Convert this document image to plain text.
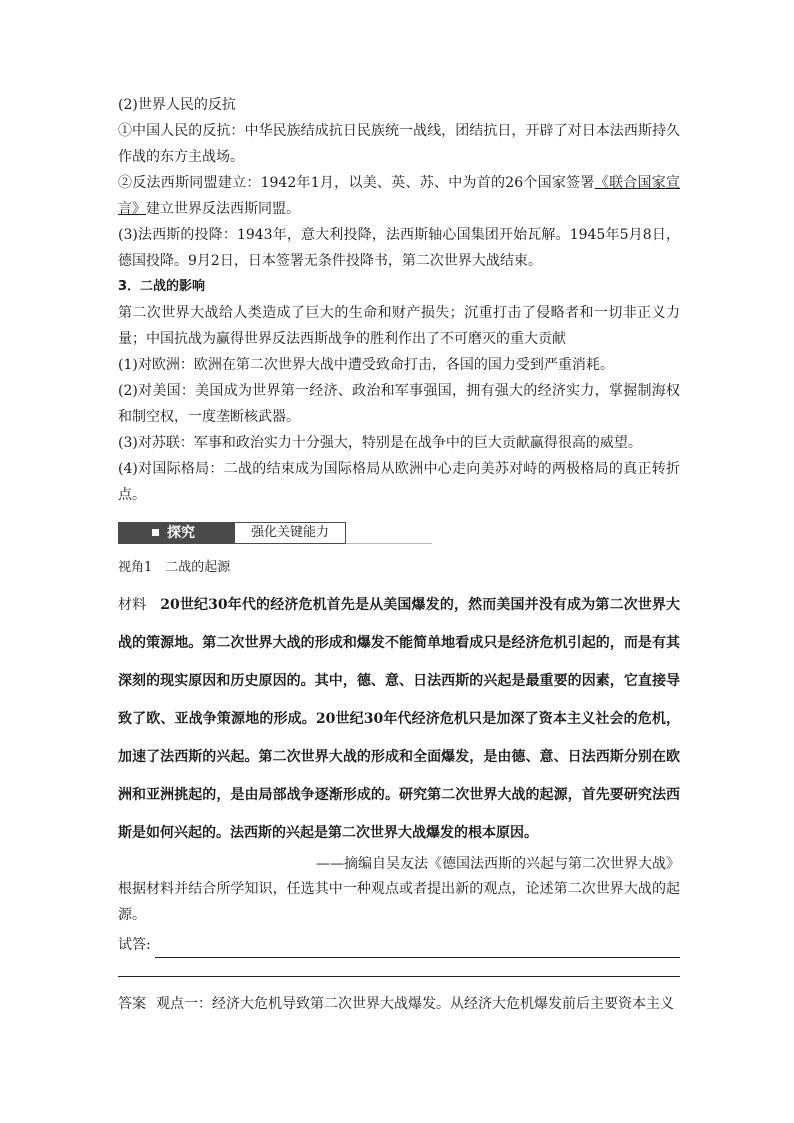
(2)世界人民的反抗

①中国人民的反抗：中华民族结成抗日民族统一战线，团结抗日，开辟了对日本法西斯持久作战的东方主战场。

②反法西斯同盟建立：1942年1月，以美、英、苏、中为首的26个国家签署《联合国家宣言》建立世界反法西斯同盟。

(3)法西斯的投降：1943年，意大利投降，法西斯轴心国集团开始瓦解。1945年5月8日，德国投降。9月2日，日本签署无条件投降书，第二次世界大战结束。

3．二战的影响

第二次世界大战给人类造成了巨大的生命和财产损失；沉重打击了侵略者和一切非正义力量；中国抗战为赢得世界反法西斯战争的胜利作出了不可磨灭的重大贡献

(1)对欧洲：欧洲在第二次世界大战中遭受致命打击，各国的国力受到严重消耗。

(2)对美国：美国成为世界第一经济、政治和军事强国，拥有强大的经济实力，掌握制海权和制空权，一度垄断核武器。

(3)对苏联：军事和政治实力十分强大，特别是在战争中的巨大贡献赢得很高的威望。

(4)对国际格局：二战的结束成为国际格局从欧洲中心走向美苏对峙的两极格局的真正转折点。

探究	强化关键能力

视角1　二战的起源

材料 20世纪30年代的经济危机首先是从美国爆发的，然而美国并没有成为第二次世界大战的策源地。第二次世界大战的形成和爆发不能简单地看成只是经济危机引起的，而是有其深刻的现实原因和历史原因的。其中，德、意、日法西斯的兴起是最重要的因素，它直接导致了欧、亚战争策源地的形成。20世纪30年代经济危机只是加深了资本主义社会的危机，加速了法西斯的兴起。第二次世界大战的形成和全面爆发，是由德、意、日法西斯分别在欧洲和亚洲挑起的，是由局部战争逐渐形成的。研究第二次世界大战的起源，首先要研究法西斯是如何兴起的。法西斯的兴起是第二次世界大战爆发的根本原因。

——摘编自吴友法《德国法西斯的兴起与第二次世界大战》

根据材料并结合所学知识，任选其中一种观点或者提出新的观点，论述第二次世界大战的起源。

试答:

答案 观点一：经济大危机导致第二次世界大战爆发。从经济大危机爆发前后主要资本主义
